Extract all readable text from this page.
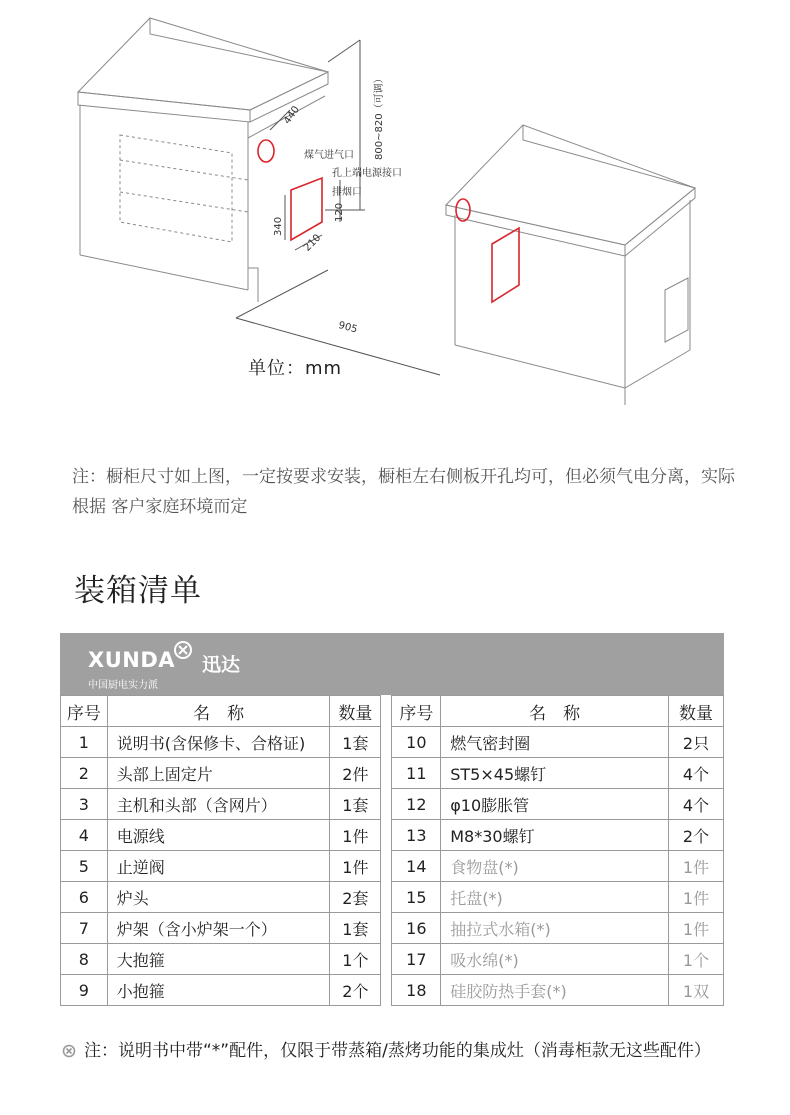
440	800~820（可调）
煤气进气口
孔上端电源接口
排烟口
340
210
120
905
单位：mm
注：橱柜尺寸如上图，一定按要求安装，橱柜左右侧板开孔均可，但必须气电分离，实际根据 客户家庭环境而定
装箱清单
XUNDA 迅达
中国厨电实力派
序号	名　称	数量		序号	名　称	数量
1	说明书(含保修卡、合格证)	1套		10	燃气密封圈	2只
2	头部上固定片	2件		11	ST5×45螺钉	4个
3	主机和头部（含网片）	1套		12	φ10膨胀管	4个
4	电源线	1件		13	M8*30螺钉	2个
5	止逆阀	1件		14	食物盘(*)	1件
6	炉头	2套		15	托盘(*)	1件
7	炉架（含小炉架一个）	1套		16	抽拉式水箱(*)	1件
8	大抱箍	1个		17	吸水绵(*)	1个
9	小抱箍	2个		18	硅胶防热手套(*)	1双
注：说明书中带“*”配件，仅限于带蒸箱/蒸烤功能的集成灶（消毒柜款无这些配件）
